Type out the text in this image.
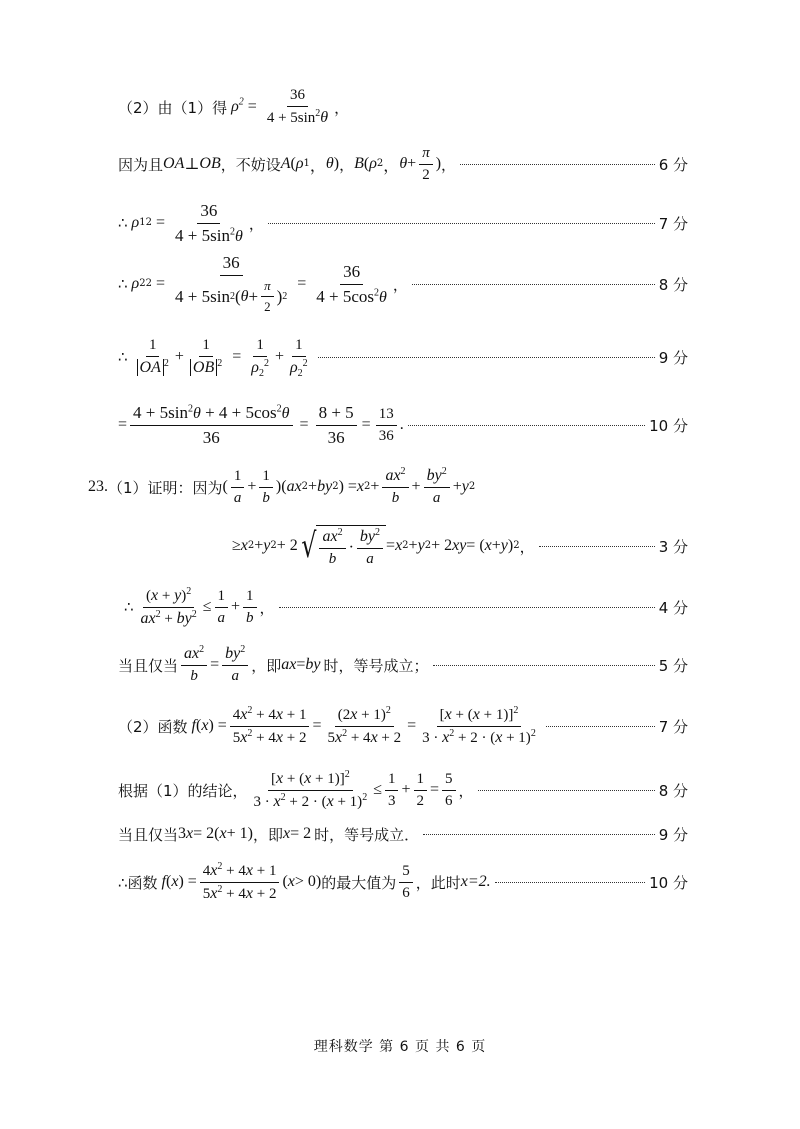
（2）由（1）得 $\rho^2 = \frac{36}{4 + 5\sin^2\theta}$ ，
因为且 OA ⊥ OB ，不妨设 A ( ρ 1 ， θ ) ， B ( ρ 2 ， $\theta + \frac{\pi}{2}$ ) ，	6 分
∴ ρ 1 $2 = \frac{36}{4 + 5\sin^2\theta}$ ，	7 分
∴ ρ 2 $2 = \frac{36}{4 + 5\sin 2 ( \theta + \frac{\pi}{2} ) 2} = \frac{36}{4 + 5\cos^2\theta}$ ，	8 分
∴ $\frac{1}{OA ^2} + \frac{1}{OB ^2} = \frac{1}{\rho_2^2} + \frac{1}{\rho_2^2}$	9 分
= $\frac{4 + 5\sin^2\theta + 4 + 5\cos^2\theta}{36} = \frac{8 + 5}{36} = \frac{13}{36}$ .	10 分
23. （1）证明：因为 ( $\frac{1}{a} + \frac{1}{b}$ )( ax 2 + by 2 ) = x $2 + \frac{ax^2}{b} + \frac{by^2}{a} + y$ 2
≥ x 2 + y 2 + 2 √ $\frac{ax^2}{b} \cdot \frac{by^2}{a} = x$ 2 + y 2 + 2 xy = ( x + y ) 2 ，	3 分
∴ $\frac{(x + y)^2}{ax^2 + by^2} \le \frac{1}{a} + \frac{1}{b}$ ，	4 分
当且仅当 $\frac{ax^2}{b} = \frac{by^2}{a}$ ，即 ax = by 时，等号成立；	5 分
（2）函数 f ( x ) = $\frac{4x^2 + 4x + 1}{5x^2 + 4x + 2} = \frac{(2x + 1)^2}{5x^2 + 4x + 2} = \frac{[x + (x + 1)]^2}{3 \cdot x^2 + 2 \cdot (x + 1)^2}$	7 分
根据（1）的结论， $\frac{[x + (x + 1)]^2}{3 \cdot x^2 + 2 \cdot (x + 1)^2} \le \frac{1}{3} + \frac{1}{2} = \frac{5}{6}$ ，	8 分
当且仅当 3 x = 2( x + 1) ，即 x = 2 时，等号成立．	9 分
∴函数 f ( x ) = $\frac{4x^2 + 4x + 1}{5x^2 + 4x + 2}$ ( x > 0) 的最大值为 $\frac{5}{6}$ ，此时 x=2.	10 分
理科数学 第 6 页 共 6 页
